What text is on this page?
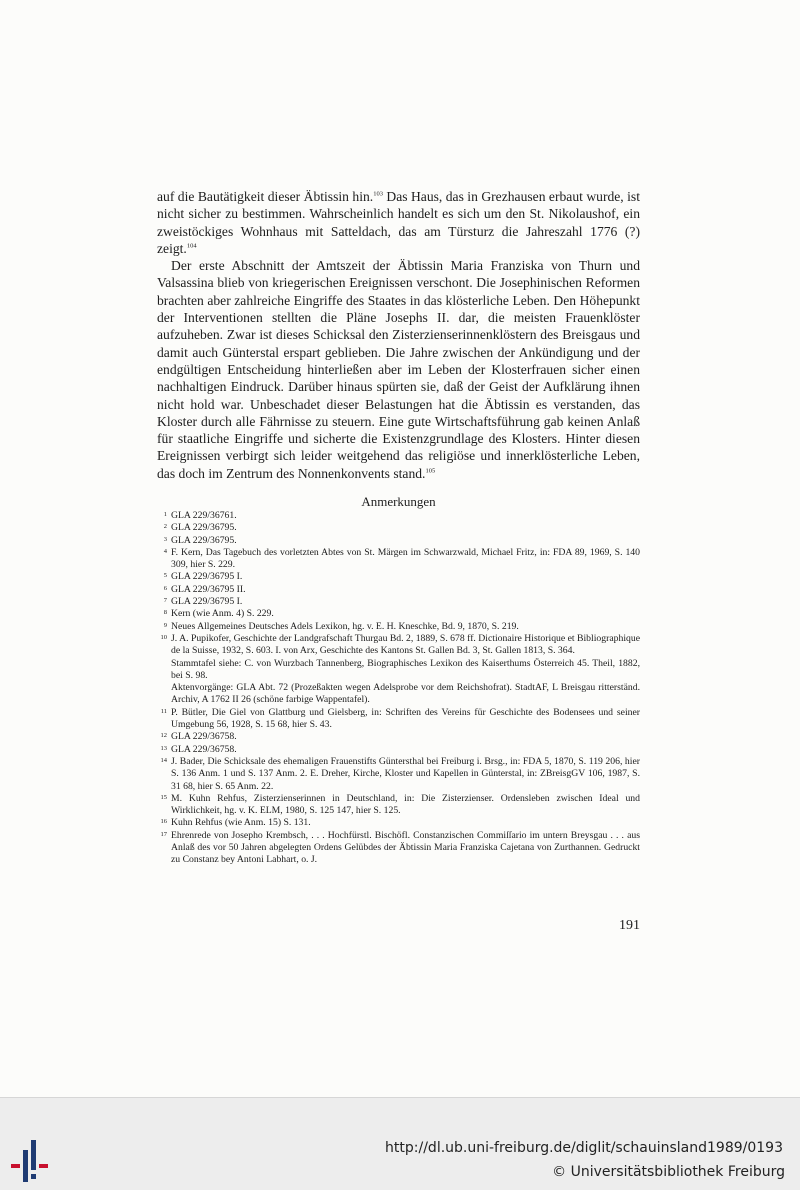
auf die Bautätigkeit dieser Äbtissin hin.$^{103}$ Das Haus, das in Grezhausen erbaut wurde, ist nicht sicher zu bestimmen. Wahrscheinlich handelt es sich um den St. Nikolaushof, ein zweistöckiges Wohnhaus mit Satteldach, das am Türsturz die Jahreszahl 1776 (?) zeigt.$^{104}$

Der erste Abschnitt der Amtszeit der Äbtissin Maria Franziska von Thurn und Valsassina blieb von kriegerischen Ereignissen verschont. Die Josephinischen Reformen brachten aber zahlreiche Eingriffe des Staates in das klösterliche Leben. Den Höhepunkt der Interventionen stellten die Pläne Josephs II. dar, die meisten Frauenklöster aufzuheben. Zwar ist dieses Schicksal den Zisterzienserinnenklöstern des Breisgaus und damit auch Günterstal erspart geblieben. Die Jahre zwischen der Ankündigung und der endgültigen Entscheidung hinterließen aber im Leben der Klosterfrauen sicher einen nachhaltigen Eindruck. Darüber hinaus spürten sie, daß der Geist der Aufklärung ihnen nicht hold war. Unbeschadet dieser Belastungen hat die Äbtissin es verstanden, das Kloster durch alle Fährnisse zu steuern. Eine gute Wirtschaftsführung gab keinen Anlaß für staatliche Eingriffe und sicherte die Existenzgrundlage des Klosters. Hinter diesen Ereignissen verbirgt sich leider weitgehend das religiöse und innerklösterliche Leben, das doch im Zentrum des Nonnenkonvents stand.$^{105}$

Anmerkungen
1 GLA 229/36761.
2 GLA 229/36795.
3 GLA 229/36795.
4 F. Kern, Das Tagebuch des vorletzten Abtes von St. Märgen im Schwarzwald, Michael Fritz, in: FDA 89, 1969, S. 140 309, hier S. 229.
5 GLA 229/36795 I.
6 GLA 229/36795 II.
7 GLA 229/36795 I.
8 Kern (wie Anm. 4) S. 229.
9 Neues Allgemeines Deutsches Adels Lexikon, hg. v. E. H. Kneschke, Bd. 9, 1870, S. 219.
10 J. A. Pupikofer, Geschichte der Landgrafschaft Thurgau Bd. 2, 1889, S. 678 ff. Dictionaire Historique et Bibliographique de la Suisse, 1932, S. 603. I. von Arx, Geschichte des Kantons St. Gallen Bd. 3, St. Gallen 1813, S. 364.
Stammtafel siehe: C. von Wurzbach Tannenberg, Biographisches Lexikon des Kaiserthums Österreich 45. Theil, 1882, bei S. 98.
Aktenvorgänge: GLA Abt. 72 (Prozeßakten wegen Adelsprobe vor dem Reichshofrat). StadtAF, L Breisgau ritterständ. Archiv, A 1762 II 26 (schöne farbige Wappentafel).
11 P. Bütler, Die Giel von Glattburg und Gielsberg, in: Schriften des Vereins für Geschichte des Bodensees und seiner Umgebung 56, 1928, S. 15 68, hier S. 43.
12 GLA 229/36758.
13 GLA 229/36758.
14 J. Bader, Die Schicksale des ehemaligen Frauenstifts Güntersthal bei Freiburg i. Brsg., in: FDA 5, 1870, S. 119 206, hier S. 136 Anm. 1 und S. 137 Anm. 2. E. Dreher, Kirche, Kloster und Kapellen in Günterstal, in: ZBreisgGV 106, 1987, S. 31 68, hier S. 65 Anm. 22.
15 M. Kuhn Rehfus, Zisterzienserinnen in Deutschland, in: Die Zisterzienser. Ordensleben zwischen Ideal und Wirklichkeit, hg. v. K. ELM, 1980, S. 125 147, hier S. 125.
16 Kuhn Rehfus (wie Anm. 15) S. 131.
17 Ehrenrede von Josepho Krembsch, . . . Hochfürstl. Bischöfl. Constanzischen Commiſſario im untern Breysgau . . . aus Anlaß des vor 50 Jahren abgelegten Ordens Gelübdes der Äbtissin Maria Franziska Cajetana von Zurthannen. Gedruckt zu Constanz bey Antoni Labhart, o. J.
191
http://dl.ub.uni-freiburg.de/diglit/schauinsland1989/0193
© Universitätsbibliothek Freiburg
